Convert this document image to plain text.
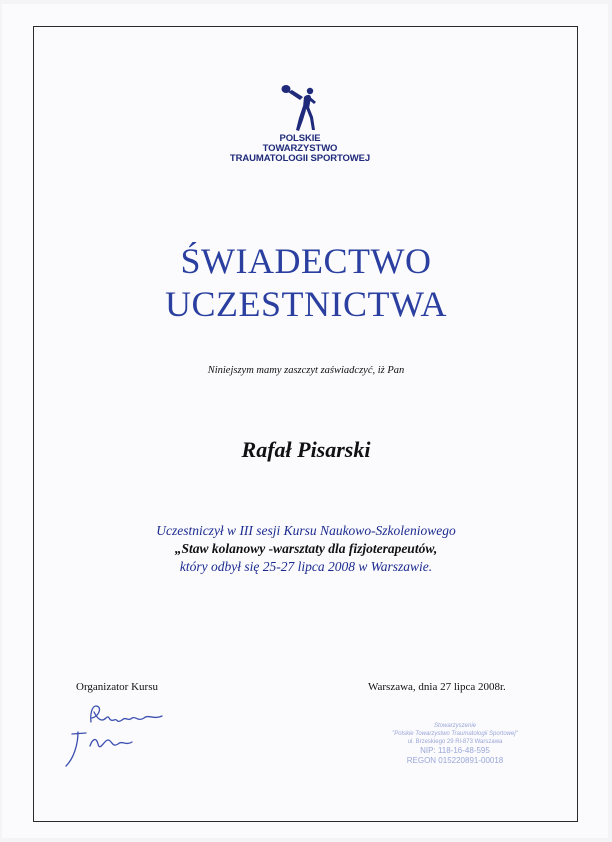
POLSKIE
TOWARZYSTWO
TRAUMATOLOGII SPORTOWEJ
ŚWIADECTWO
UCZESTNICTWA
Niniejszym mamy zaszczyt zaświadczyć, iż Pan
Rafał Pisarski
Uczestniczył w III sesji Kursu Naukowo-Szkoleniowego
„Staw kolanowy -warsztaty dla fizjoterapeutów,
który odbył się 25-27 lipca 2008 w Warszawie.
Organizator Kursu	Warszawa, dnia 27 lipca 2008r.
Stowarzyszenie
"Polskie Towarzystwo Traumatologii Sportowej"
ul. Brzeskiego 29 Rl-873 Warszawa
NIP: 118-16-48-595
REGON 015220891-00018
